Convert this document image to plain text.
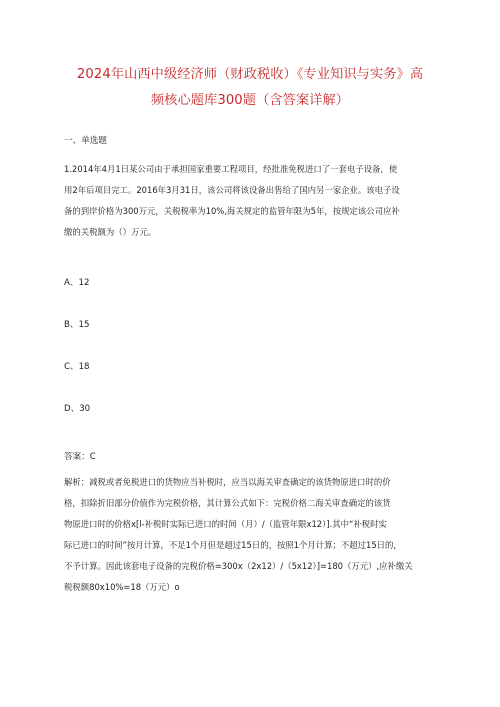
2024年山西中级经济师（财政税收）《专业知识与实务》高
频核心题库300题（含答案详解）
一、单选题
1.2014年4月1日某公司由于承担国家重要工程项目，经批准免税进口了一套电子设备，使
用2年后项目完工。2016年3月31日，该公司将该设备出售给了国内另一家企业。该电子设
备的到岸价格为300万元，关税税率为10%,海关规定的监管年限为5年，按规定该公司应补
缴的关税额为（）万元。
A、12
B、15
C、18
D、30
答案：C
解析：减税或者免税进口的货物应当补税时，应当以海关审查确定的该货物原进口时的价
格，扣除折旧部分价值作为完税价格，其计算公式如下：完税价格二海关审查确定的该货
物原进口时的价格x[l-补税时实际已进口的时间（月）/（监管年限x12）].其中“补税时实
际已进口的时间”按月计算，不足1个月但是超过15日的，按照1个月计算；不超过15日的，
不予计算。因此该套电子设备的完税价格=300x（2x12）/（5x12）]=180（万元）,应补缴关
税税额80x10%=18（万元）o
